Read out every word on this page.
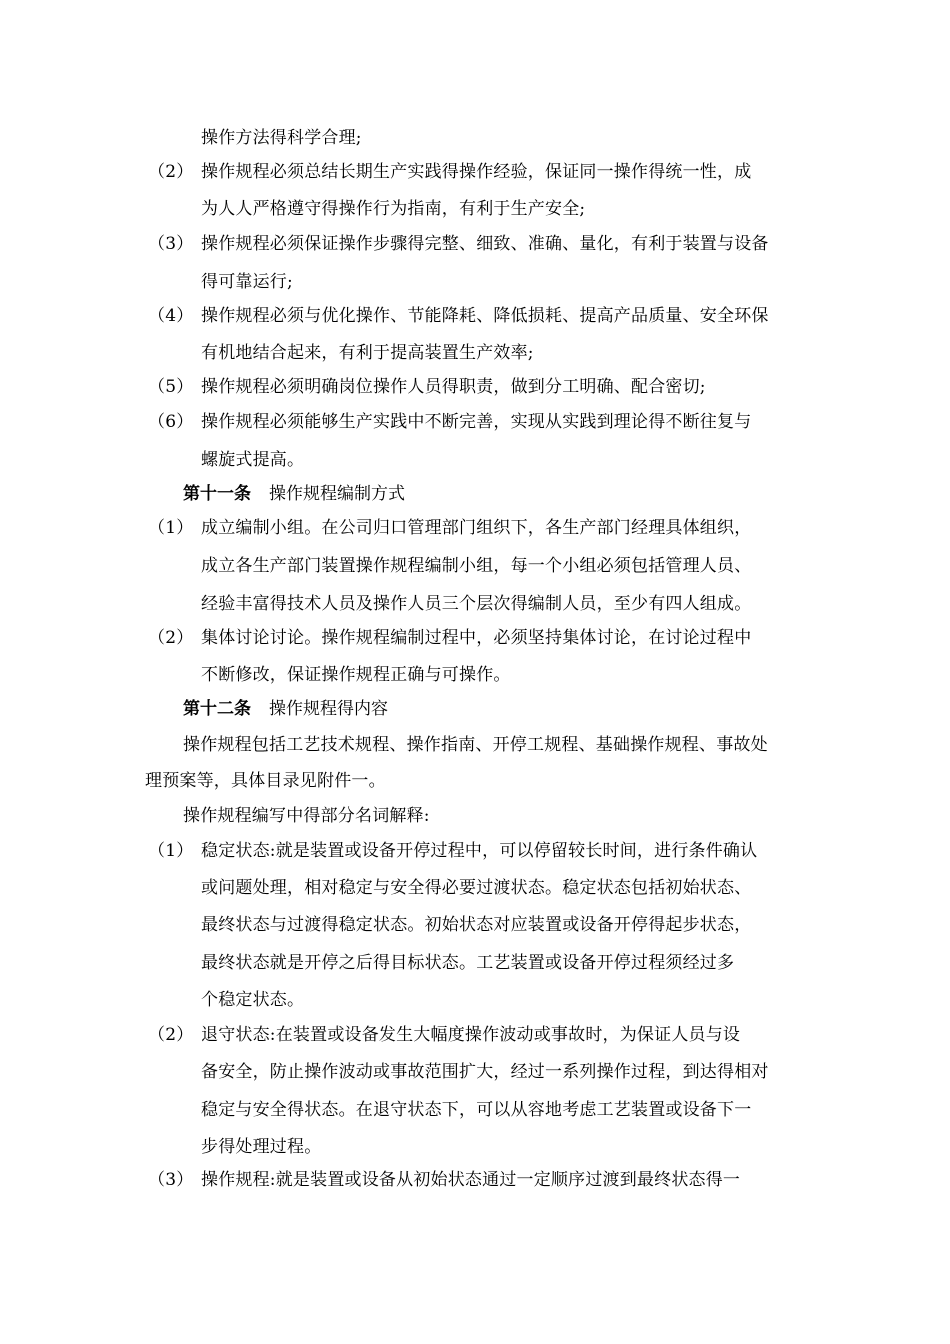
操作方法得科学合理;
（2） 操作规程必须总结长期生产实践得操作经验，保证同一操作得统一性，成
为人人严格遵守得操作行为指南，有利于生产安全;
（3） 操作规程必须保证操作步骤得完整、细致、准确、量化，有利于装置与设备
得可靠运行;
（4） 操作规程必须与优化操作、节能降耗、降低损耗、提高产品质量、安全环保
有机地结合起来，有利于提高装置生产效率;
（5） 操作规程必须明确岗位操作人员得职责，做到分工明确、配合密切;
（6） 操作规程必须能够生产实践中不断完善，实现从实践到理论得不断往复与
螺旋式提高。
第十一条 操作规程编制方式
（1） 成立编制小组。在公司归口管理部门组织下，各生产部门经理具体组织，
成立各生产部门装置操作规程编制小组，每一个小组必须包括管理人员、
经验丰富得技术人员及操作人员三个层次得编制人员，至少有四人组成。
（2） 集体讨论讨论。操作规程编制过程中，必须坚持集体讨论，在讨论过程中
不断修改，保证操作规程正确与可操作。
第十二条 操作规程得内容
操作规程包括工艺技术规程、操作指南、开停工规程、基础操作规程、事故处
理预案等，具体目录见附件一。
操作规程编写中得部分名词解释:
（1） 稳定状态:就是装置或设备开停过程中，可以停留较长时间，进行条件确认
或问题处理，相对稳定与安全得必要过渡状态。稳定状态包括初始状态、
最终状态与过渡得稳定状态。初始状态对应装置或设备开停得起步状态，
最终状态就是开停之后得目标状态。工艺装置或设备开停过程须经过多
个稳定状态。
（2） 退守状态:在装置或设备发生大幅度操作波动或事故时，为保证人员与设
备安全，防止操作波动或事故范围扩大，经过一系列操作过程，到达得相对
稳定与安全得状态。在退守状态下，可以从容地考虑工艺装置或设备下一
步得处理过程。
（3） 操作规程:就是装置或设备从初始状态通过一定顺序过渡到最终状态得一
